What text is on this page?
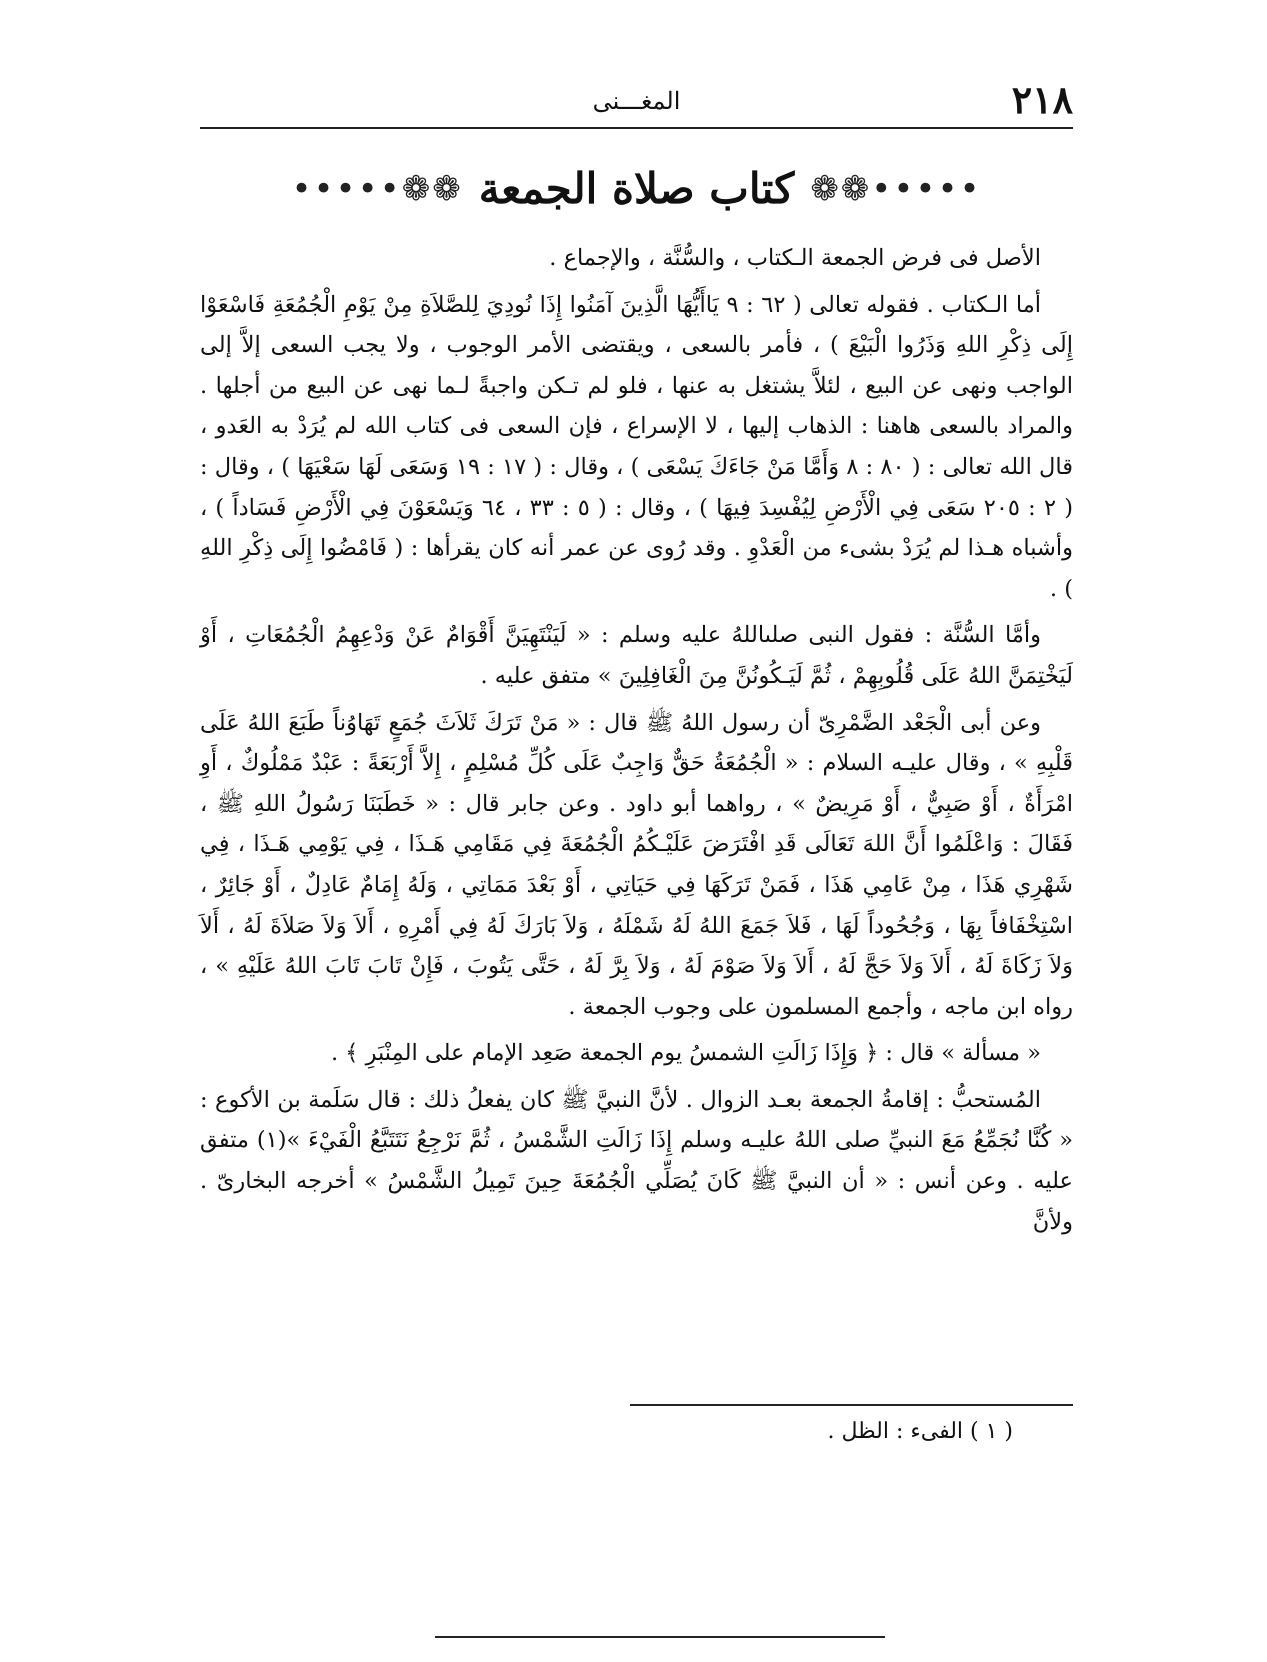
٢١٨
المغـــنى
•••••❁❁
كتاب صلاة الجمعة
❁❁•••••

الأصل فى فرض الجمعة الـكتاب ، والسُّنَّة ، والإجماع .

أما الـكتاب . فقوله تعالى ( ٦٢ : ٩ يَاأَيُّهَا الَّذِينَ آمَنُوا إِذَا نُودِيَ لِلصَّلاَةِ مِنْ يَوْمِ الْجُمُعَةِ فَاسْعَوْا إِلَى ذِكْرِ اللهِ وَذَرُوا الْبَيْعَ ) ، فأمر بالسعى ، ويقتضى الأمر الوجوب ، ولا يجب السعى إلاَّ إلى الواجب ونهى عن البيع ، لئلاَّ يشتغل به عنها ، فلو لم تـكن واجبةً لـما نهى عن البيع من أجلها . والمراد بالسعى هاهنا : الذهاب إليها ، لا الإسراع ، فإن السعى فى كتاب الله لم يُرَدْ به العَدو ، قال الله تعالى : ( ٨٠ : ٨ وَأَمَّا مَنْ جَاءَكَ يَسْعَى ) ، وقال : ( ١٧ : ١٩ وَسَعَى لَهَا سَعْيَهَا ) ، وقال : ( ٢ : ٢٠٥ سَعَى فِي الْأَرْضِ لِيُفْسِدَ فِيهَا ) ، وقال : ( ٥ : ٣٣ ، ٦٤ وَيَسْعَوْنَ فِي الْأَرْضِ فَسَاداً ) ، وأشباه هـذا لم يُرَدْ بشىء من الْعَدْوِ . وقد رُوى عن عمر أنه كان يقرأها : ( فَامْضُوا إِلَى ذِكْرِ اللهِ ) .

وأمَّا السُّنَّة : فقول النبى صلىاللهُ عليه وسلم : « لَيَنْتَهِيَنَّ أَقْوَامٌ عَنْ وَدْعِهِمُ الْجُمُعَاتِ ، أَوْ لَيَخْتِمَنَّ اللهُ عَلَى قُلُوبِهِمْ ، ثُمَّ لَيَـكُونُنَّ مِنَ الْغَافِلِينَ » متفق عليه .

وعن أبى الْجَعْد الضَّمْرِىّ أن رسول اللهُ ﷺ قال : « مَنْ تَرَكَ ثَلاَثَ جُمَعٍ تَهَاوُناً طَبَعَ اللهُ عَلَى قَلْبِهِ » ، وقال عليـه السلام : « الْجُمُعَةُ حَقٌّ وَاجِبٌ عَلَى كُلِّ مُسْلِمٍ ، إِلاَّ أَرْبَعَةً : عَبْدٌ مَمْلُوكٌ ، أَوِ امْرَأَةٌ ، أَوْ صَبِيٌّ ، أَوْ مَرِيضٌ » ، رواهما أبو داود . وعن جابر قال : « خَطَبَنَا رَسُولُ اللهِ ﷺ ، فَقَالَ : وَاعْلَمُوا أَنَّ اللهَ تَعَالَى قَدِ افْتَرَضَ عَلَيْـكُمُ الْجُمُعَةَ فِي مَقَامِي هَـذَا ، فِي يَوْمِي هَـذَا ، فِي شَهْرِي هَذَا ، مِنْ عَامِي هَذَا ، فَمَنْ تَرَكَهَا فِي حَيَاتِي ، أَوْ بَعْدَ مَمَاتِي ، وَلَهُ إِمَامٌ عَادِلٌ ، أَوْ جَائِرٌ ، اسْتِخْفَافاً بِهَا ، وَجُحُوداً لَهَا ، فَلاَ جَمَعَ اللهُ لَهُ شَمْلَهُ ، وَلاَ بَارَكَ لَهُ فِي أَمْرِهِ ، أَلاَ وَلاَ صَلاَةَ لَهُ ، أَلاَ وَلاَ زَكَاةَ لَهُ ، أَلاَ وَلاَ حَجَّ لَهُ ، أَلاَ وَلاَ صَوْمَ لَهُ ، وَلاَ بِرَّ لَهُ ، حَتَّى يَتُوبَ ، فَإِنْ تَابَ تَابَ اللهُ عَلَيْهِ » ، رواه ابن ماجه ، وأجمع المسلمون على وجوب الجمعة .

« مسألة » قال : ﴿ وَإِذَا زَالَتِ الشمسُ يوم الجمعة صَعِد الإمام على المِنْبَرِ ﴾ .

المُستحبُّ : إقامةُ الجمعة بعـد الزوال . لأنَّ النبيَّ ﷺ كان يفعلُ ذلك : قال سَلَمة بن الأكوع : « كُنَّا نُجَمِّعُ مَعَ النبيِّ صلى اللهُ عليـه وسلم إِذَا زَالَتِ الشَّمْسُ ، ثُمَّ نَرْجِعُ نَتَتَبَّعُ الْفَيْءَ »(١) متفق عليه . وعن أنس : « أن النبيَّ ﷺ كَانَ يُصَلِّي الْجُمُعَةَ حِينَ تَمِيلُ الشَّمْسُ » أخرجه البخارىّ . ولأنَّ

( ١ ) الفىء : الظل .
